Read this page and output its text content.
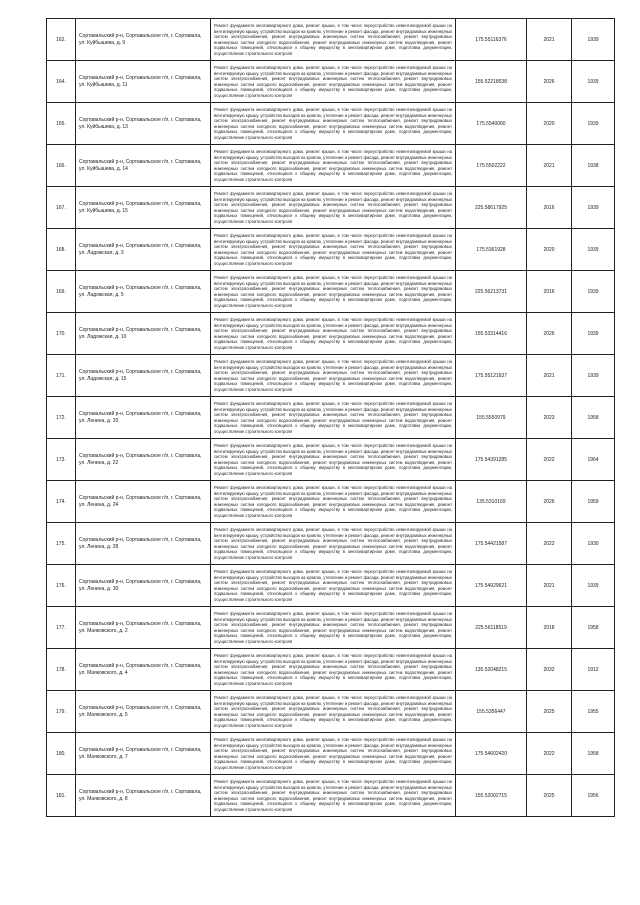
162.	Сортавальский р-н, Сортавальское г/п, г. Сортавала, ул. Куйбышева, д. 9	Ремонт фундамента многоквартирного дома, ремонт крыши, в том числе переустройство невентилируемой крыши на вентилируемую крышу, устройство выходов на кровлю, утепление и ремонт фасада, ремонт внутридомовых инженерных систем электроснабжения, ремонт внутридомовых инженерных систем теплоснабжения, ремонт внутридомовых инженерных систем холодного водоснабжения, ремонт внутридомовых инженерных систем водоотведения, ремонт подвальных помещений, относящихся к общему имуществу в многоквартирном доме, подготовка документации, осуществление строительного контроля	175.55116376	2021	1939
164.	Сортавальский р-н, Сортавальское г/п, г. Сортавала, ул. Куйбышева, д. 11	Ремонт фундамента многоквартирного дома, ремонт крыши, в том числе переустройство невентилируемой крыши на вентилируемую крышу, устройство выходов на кровлю, утепление и ремонт фасада, ремонт внутридомовых инженерных систем электроснабжения, ремонт внутридомовых инженерных систем теплоснабжения, ремонт внутридомовых инженерных систем холодного водоснабжения, ремонт внутридомовых инженерных систем водоотведения, ремонт подвальных помещений, относящихся к общему имуществу в многоквартирном доме, подготовка документации, осуществление строительного контроля	155.52218538	2026	1939
165.	Сортавальский р-н, Сортавальское г/п, г. Сортавала, ул. Куйбышева, д. 13	Ремонт фундамента многоквартирного дома, ремонт крыши, в том числе переустройство невентилируемой крыши на вентилируемую крышу, устройство выходов на кровлю, утепление и ремонт фасада, ремонт внутридомовых инженерных систем электроснабжения, ремонт внутридомовых инженерных систем теплоснабжения, ремонт внутридомовых инженерных систем холодного водоснабжения, ремонт внутридомовых инженерных систем водоотведения, ремонт подвальных помещений, относящихся к общему имуществу в многоквартирном доме, подготовка документации, осуществление строительного контроля	175.5540060	2020	1939
166.	Сортавальский р-н, Сортавальское г/п, г. Сортавала, ул. Куйбышева, д. 14	Ремонт фундамента многоквартирного дома, ремонт крыши, в том числе переустройство невентилируемой крыши на вентилируемую крышу, устройство выходов на кровлю, утепление и ремонт фасада, ремонт внутридомовых инженерных систем электроснабжения, ремонт внутридомовых инженерных систем теплоснабжения, ремонт внутридомовых инженерных систем холодного водоснабжения, ремонт внутридомовых инженерных систем водоотведения, ремонт подвальных помещений, относящихся к общему имуществу в многоквартирном доме, подготовка документации, осуществление строительного контроля	175.5502222	2021	1938
167.	Сортавальский р-н, Сортавальское г/п, г. Сортавала, ул. Куйбышева, д. 15	Ремонт фундамента многоквартирного дома, ремонт крыши, в том числе переустройство невентилируемой крыши на вентилируемую крышу, устройство выходов на кровлю, утепление и ремонт фасада, ремонт внутридомовых инженерных систем электроснабжения, ремонт внутридомовых инженерных систем теплоснабжения, ремонт внутридомовых инженерных систем холодного водоснабжения, ремонт внутридомовых инженерных систем водоотведения, ремонт подвальных помещений, относящихся к общему имуществу в многоквартирном доме, подготовка документации, осуществление строительного контроля	225.58617925	2016	1939
168.	Сортавальский р-н, Сортавальское г/п, г. Сортавала, ул. Ладожская, д. 3	Ремонт фундамента многоквартирного дома, ремонт крыши, в том числе переустройство невентилируемой крыши на вентилируемую крышу, устройство выходов на кровлю, утепление и ремонт фасада, ремонт внутридомовых инженерных систем электроснабжения, ремонт внутридомовых инженерных систем теплоснабжения, ремонт внутридомовых инженерных систем холодного водоснабжения, ремонт внутридомовых инженерных систем водоотведения, ремонт подвальных помещений, относящихся к общему имуществу в многоквартирном доме, подготовка документации, осуществление строительного контроля	175.5361928	2020	1939
169.	Сортавальский р-н, Сортавальское г/п, г. Сортавала, ул. Ладожская, д. 5	Ремонт фундамента многоквартирного дома, ремонт крыши, в том числе переустройство невентилируемой крыши на вентилируемую крышу, устройство выходов на кровлю, утепление и ремонт фасада, ремонт внутридомовых инженерных систем электроснабжения, ремонт внутридомовых инженерных систем теплоснабжения, ремонт внутридомовых инженерных систем холодного водоснабжения, ремонт внутридомовых инженерных систем водоотведения, ремонт подвальных помещений, относящихся к общему имуществу в многоквартирном доме, подготовка документации, осуществление строительного контроля	225.56213731	2016	1939
170.	Сортавальский р-н, Сортавальское г/п, г. Сортавала, ул. Ладожская, д. 10	Ремонт фундамента многоквартирного дома, ремонт крыши, в том числе переустройство невентилируемой крыши на вентилируемую крышу, устройство выходов на кровлю, утепление и ремонт фасада, ремонт внутридомовых инженерных систем электроснабжения, ремонт внутридомовых инженерных систем теплоснабжения, ремонт внутридомовых инженерных систем холодного водоснабжения, ремонт внутридомовых инженерных систем водоотведения, ремонт подвальных помещений, относящихся к общему имуществу в многоквартирном доме, подготовка документации, осуществление строительного контроля	155.53314416	2026	1939
171.	Сортавальский р-н, Сортавальское г/п, г. Сортавала, ул. Ладожская, д. 15	Ремонт фундамента многоквартирного дома, ремонт крыши, в том числе переустройство невентилируемой крыши на вентилируемую крышу, устройство выходов на кровлю, утепление и ремонт фасада, ремонт внутридомовых инженерных систем электроснабжения, ремонт внутридомовых инженерных систем теплоснабжения, ремонт внутридомовых инженерных систем холодного водоснабжения, ремонт внутридомовых инженерных систем водоотведения, ремонт подвальных помещений, относящихся к общему имуществу в многоквартирном доме, подготовка документации, осуществление строительного контроля	175.55121637	2021	1939
172.	Сортавальский р-н, Сортавальское г/п, г. Сортавала, ул. Ленина, д. 20	Ремонт фундамента многоквартирного дома, ремонт крыши, в том числе переустройство невентилируемой крыши на вентилируемую крышу, устройство выходов на кровлю, утепление и ремонт фасада, ремонт внутридомовых инженерных систем электроснабжения, ремонт внутридомовых инженерных систем теплоснабжения, ремонт внутридомовых инженерных систем холодного водоснабжения, ремонт внутридомовых инженерных систем водоотведения, ремонт подвальных помещений, относящихся к общему имуществу в многоквартирном доме, подготовка документации, осуществление строительного контроля	155.5550979	2023	1958
173.	Сортавальский р-н, Сортавальское г/п, г. Сортавала, ул. Ленина, д. 22	Ремонт фундамента многоквартирного дома, ремонт крыши, в том числе переустройство невентилируемой крыши на вентилируемую крышу, устройство выходов на кровлю, утепление и ремонт фасада, ремонт внутридомовых инженерных систем электроснабжения, ремонт внутридомовых инженерных систем теплоснабжения, ремонт внутридомовых инженерных систем холодного водоснабжения, ремонт внутридомовых инженерных систем водоотведения, ремонт подвальных помещений, относящихся к общему имуществу в многоквартирном доме, подготовка документации, осуществление строительного контроля	175.54391285	2022	1964
174.	Сортавальский р-н, Сортавальское г/п, г. Сортавала, ул. Ленина, д. 24	Ремонт фундамента многоквартирного дома, ремонт крыши, в том числе переустройство невентилируемой крыши на вентилируемую крышу, устройство выходов на кровлю, утепление и ремонт фасада, ремонт внутридомовых инженерных систем электроснабжения, ремонт внутридомовых инженерных систем теплоснабжения, ремонт внутридомовых инженерных систем холодного водоснабжения, ремонт внутридомовых инженерных систем водоотведения, ремонт подвальных помещений, относящихся к общему имуществу в многоквартирном доме, подготовка документации, осуществление строительного контроля	135.5310169	2026	1959
175.	Сортавальский р-н, Сортавальское г/п, г. Сортавала, ул. Ленина, д. 28	Ремонт фундамента многоквартирного дома, ремонт крыши, в том числе переустройство невентилируемой крыши на вентилируемую крышу, устройство выходов на кровлю, утепление и ремонт фасада, ремонт внутридомовых инженерных систем электроснабжения, ремонт внутридомовых инженерных систем теплоснабжения, ремонт внутридомовых инженерных систем холодного водоснабжения, ремонт внутридомовых инженерных систем водоотведения, ремонт подвальных помещений, относящихся к общему имуществу в многоквартирном доме, подготовка документации, осуществление строительного контроля	175.54421587	2022	1930
176.	Сортавальский р-н, Сортавальское г/п, г. Сортавала, ул. Ленина, д. 30	Ремонт фундамента многоквартирного дома, ремонт крыши, в том числе переустройство невентилируемой крыши на вентилируемую крышу, устройство выходов на кровлю, утепление и ремонт фасада, ремонт внутридомовых инженерных систем электроснабжения, ремонт внутридомовых инженерных систем теплоснабжения, ремонт внутридомовых инженерных систем холодного водоснабжения, ремонт внутридомовых инженерных систем водоотведения, ремонт подвальных помещений, относящихся к общему имуществу в многоквартирном доме, подготовка документации, осуществление строительного контроля	175.54929621	2021	1939
177.	Сортавальский р-н, Сортавальское г/п, г. Сортавала, ул. Маяковского, д. 2	Ремонт фундамента многоквартирного дома, ремонт крыши, в том числе переустройство невентилируемой крыши на вентилируемую крышу, устройство выходов на кровлю, утепление и ремонт фасада, ремонт внутридомовых инженерных систем электроснабжения, ремонт внутридомовых инженерных систем теплоснабжения, ремонт внутридомовых инженерных систем холодного водоснабжения, ремонт внутридомовых инженерных систем водоотведения, ремонт подвальных помещений, относящихся к общему имуществу в многоквартирном доме, подготовка документации, осуществление строительного контроля	225.56118519	2018	1958
178.	Сортавальский р-н, Сортавальское г/п, г. Сортавала, ул. Маяковского, д. 4	Ремонт фундамента многоквартирного дома, ремонт крыши, в том числе переустройство невентилируемой крыши на вентилируемую крышу, устройство выходов на кровлю, утепление и ремонт фасада, ремонт внутридомовых инженерных систем электроснабжения, ремонт внутридомовых инженерных систем теплоснабжения, ремонт внутридомовых инженерных систем холодного водоснабжения, ремонт внутридомовых инженерных систем водоотведения, ремонт подвальных помещений, относящихся к общему имуществу в многоквартирном доме, подготовка документации, осуществление строительного контроля	135.52048215	2032	1912
179.	Сортавальский р-н, Сортавальское г/п, г. Сортавала, ул. Маяковского, д. 5	Ремонт фундамента многоквартирного дома, ремонт крыши, в том числе переустройство невентилируемой крыши на вентилируемую крышу, устройство выходов на кровлю, утепление и ремонт фасада, ремонт внутридомовых инженерных систем электроснабжения, ремонт внутридомовых инженерных систем теплоснабжения, ремонт внутридомовых инженерных систем холодного водоснабжения, ремонт внутридомовых инженерных систем водоотведения, ремонт подвальных помещений, относящихся к общему имуществу в многоквартирном доме, подготовка документации, осуществление строительного контроля	155.5356447	2025	1955
180.	Сортавальский р-н, Сортавальское г/п, г. Сортавала, ул. Маяковского, д. 7	Ремонт фундамента многоквартирного дома, ремонт крыши, в том числе переустройство невентилируемой крыши на вентилируемую крышу, устройство выходов на кровлю, утепление и ремонт фасада, ремонт внутридомовых инженерных систем электроснабжения, ремонт внутридомовых инженерных систем теплоснабжения, ремонт внутридомовых инженерных систем холодного водоснабжения, ремонт внутридомовых инженерных систем водоотведения, ремонт подвальных помещений, относящихся к общему имуществу в многоквартирном доме, подготовка документации, осуществление строительного контроля	175.54602420	2022	1958
181.	Сортавальский р-н, Сортавальское г/п, г. Сортавала, ул. Маяковского, д. 8	Ремонт фундамента многоквартирного дома, ремонт крыши, в том числе переустройство невентилируемой крыши на вентилируемую крышу, устройство выходов на кровлю, утепление и ремонт фасада, ремонт внутридомовых инженерных систем электроснабжения, ремонт внутридомовых инженерных систем теплоснабжения, ремонт внутридомовых инженерных систем холодного водоснабжения, ремонт внутридомовых инженерных систем водоотведения, ремонт подвальных помещений, относящихся к общему имуществу в многоквартирном доме, подготовка документации, осуществление строительного контроля	155.52002715	2025	1956
